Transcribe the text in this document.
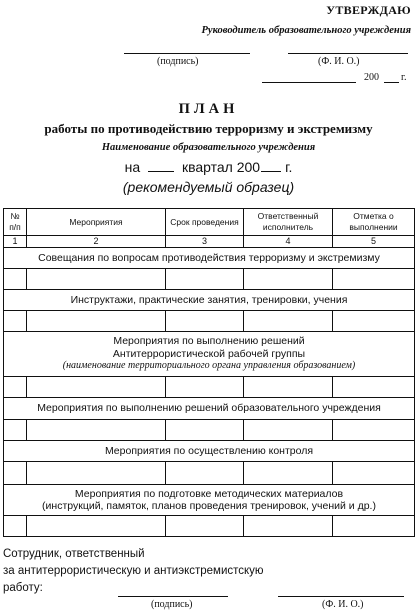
УТВЕРЖДАЮ
Руководитель образовательного учреждения
(подпись)	(Ф. И. О.)
200 г.
ПЛАН
работы по противодействию терроризму и экстремизму
Наименование образовательного учреждения
на	квартал 200 г.
(рекомендуемый образец)
№ п/п	Мероприятия	Срок проведения	Ответственный исполнитель	Отметка о выполнении
1	2	3	4	5
Совещания по вопросам противодействия терроризму и экстремизму				

Инструктажи, практические занятия, тренировки, учения				

Мероприятия по выполнению решений
Антитеррористической рабочей группы
(наименование территориального органа управления образованием)				

Мероприятия по выполнению решений образовательного учреждения				

Мероприятия по осуществлению контроля				

Мероприятия по подготовке методических материалов
(инструкций, памяток, планов проведения тренировок, учений и др.)				

Сотрудник, ответственный
за антитеррористическую и антиэкстремистскую
работу:
(подпись)	(Ф. И. О.)
